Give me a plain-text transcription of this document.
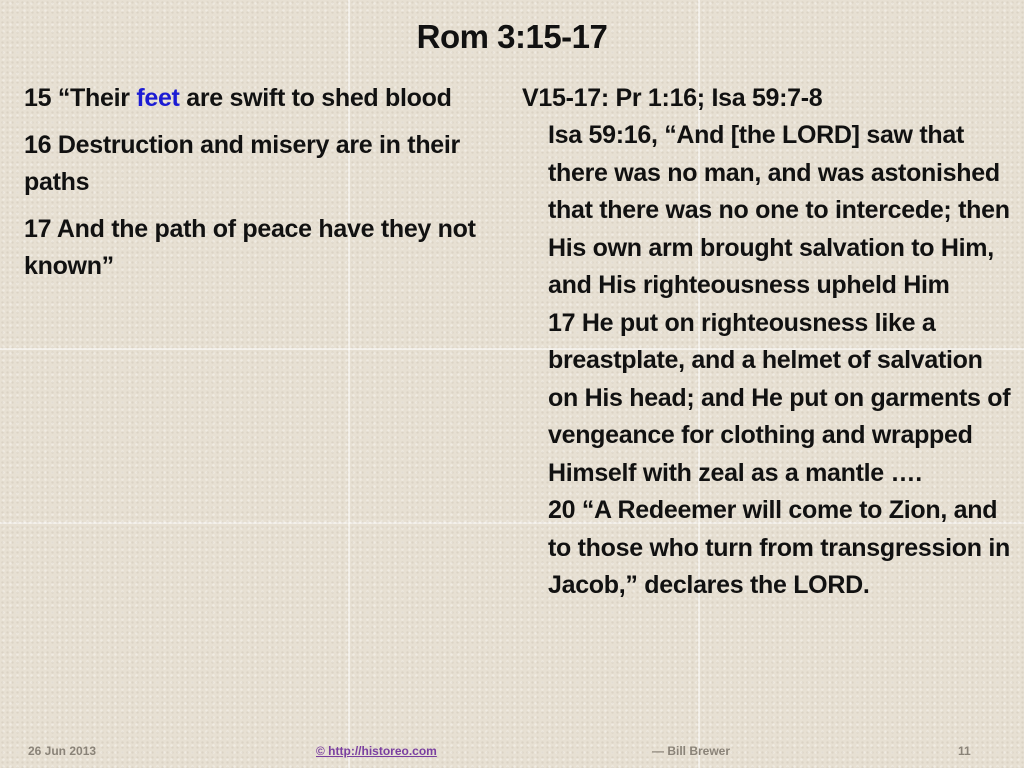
Rom 3:15-17

15 “Their feet are swift to shed blood

16 Destruction and misery are in their paths

17 And the path of peace have they not known”

V15-17: Pr 1:16; Isa 59:7-8

Isa 59:16, “And [the LORD] saw that there was no man, and was astonished that there was no one to intercede; then His own arm brought salvation to Him, and His righteousness upheld Him

17 He put on righteousness like a breastplate, and a helmet of salvation on His head; and He put on garments of vengeance for clothing and wrapped Himself with zeal as a mantle ….

20 “A Redeemer will come to Zion, and to those who turn from transgression in Jacob,” declares the LORD.

26 Jun 2013	© http://historeo.com	— Bill Brewer	11
